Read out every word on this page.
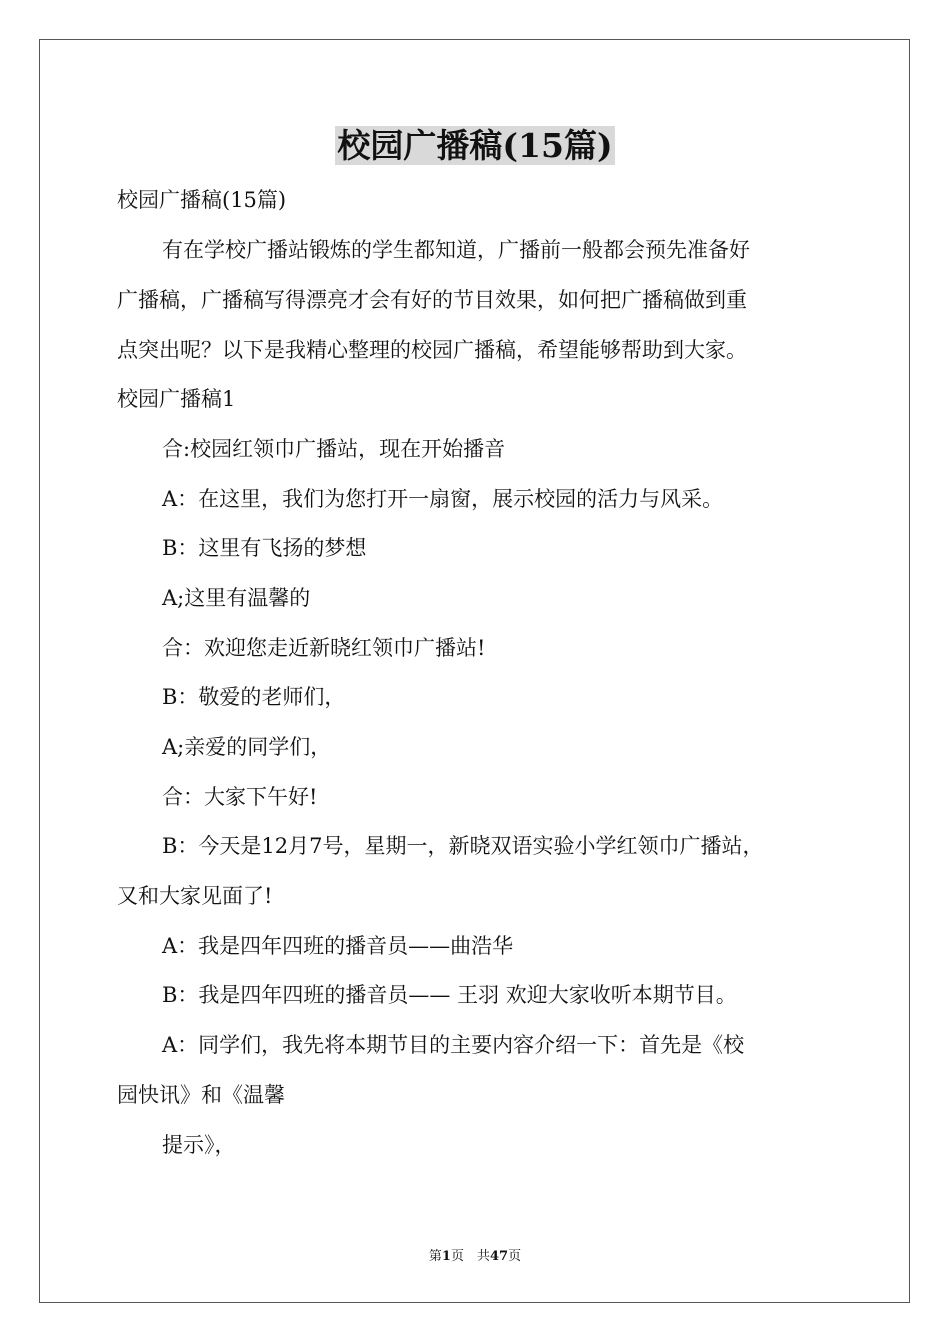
校园广播稿(15篇)
校园广播稿(15篇)
有在学校广播站锻炼的学生都知道，广播前一般都会预先准备好
广播稿，广播稿写得漂亮才会有好的节目效果，如何把广播稿做到重
点突出呢？以下是我精心整理的校园广播稿，希望能够帮助到大家。
校园广播稿1
合:校园红领巾广播站，现在开始播音
A：在这里，我们为您打开一扇窗，展示校园的活力与风采。
B：这里有飞扬的梦想
A;这里有温馨的
合：欢迎您走近新晓红领巾广播站!
B：敬爱的老师们，
A;亲爱的同学们，
合：大家下午好!
B：今天是12月7号，星期一，新晓双语实验小学红领巾广播站，
又和大家见面了!
A：我是四年四班的播音员——曲浩华
B：我是四年四班的播音员—— 王羽 欢迎大家收听本期节目。
A：同学们，我先将本期节目的主要内容介绍一下：首先是《校
园快讯》和《温馨
提示》，
第1页　共47页
